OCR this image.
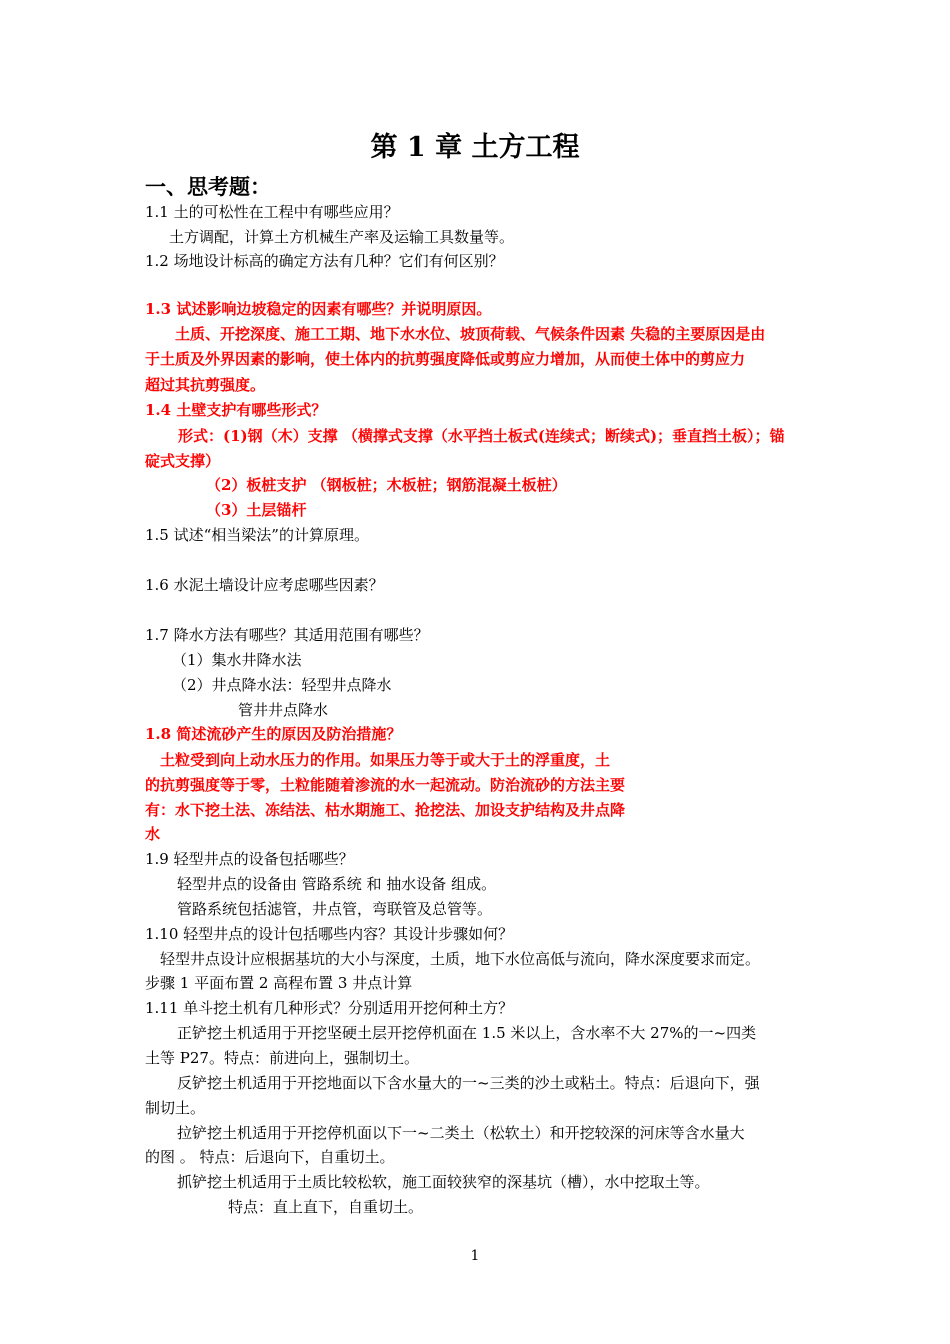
第 1 章 土方工程
一、思考题：
1.1 土的可松性在工程中有哪些应用？
土方调配，计算土方机械生产率及运输工具数量等。
1.2 场地设计标高的确定方法有几种？它们有何区别？
1.3 试述影响边坡稳定的因素有哪些？并说明原因。
土质、开挖深度、施工工期、地下水水位、坡顶荷载、气候条件因素 失稳的主要原因是由
于土质及外界因素的影响，使土体内的抗剪强度降低或剪应力增加，从而使土体中的剪应力
超过其抗剪强度。
1.4 土壁支护有哪些形式？
形式：(1)钢（木）支撑 （横撑式支撑（水平挡土板式(连续式；断续式)；垂直挡土板）；锚
碇式支撑）
（2）板桩支护 （钢板桩；木板桩；钢筋混凝土板桩）
（3）土层锚杆
1.5 试述“相当梁法”的计算原理。
1.6 水泥土墙设计应考虑哪些因素？
1.7 降水方法有哪些？其适用范围有哪些？
（1）集水井降水法
（2）井点降水法：轻型井点降水
管井井点降水
1.8 简述流砂产生的原因及防治措施？
土粒受到向上动水压力的作用。如果压力等于或大于土的浮重度，土
的抗剪强度等于零，土粒能随着渗流的水一起流动。防治流砂的方法主要
有：水下挖土法、冻结法、枯水期施工、抢挖法、加设支护结构及井点降
水
1.9 轻型井点的设备包括哪些？
轻型井点的设备由 管路系统 和 抽水设备 组成。
管路系统包括滤管，井点管，弯联管及总管等。
1.10 轻型井点的设计包括哪些内容？其设计步骤如何？
轻型井点设计应根据基坑的大小与深度，土质，地下水位高低与流向，降水深度要求而定。
步骤 1 平面布置 2 高程布置 3 井点计算
1.11 单斗挖土机有几种形式？分别适用开挖何种土方？
正铲挖土机适用于开挖坚硬土层开挖停机面在 1.5 米以上，含水率不大 27%的一~四类
土等 P27。特点：前进向上，强制切土。
反铲挖土机适用于开挖地面以下含水量大的一~三类的沙土或粘土。特点：后退向下，强
制切土。
拉铲挖土机适用于开挖停机面以下一~二类土（松软土）和开挖较深的河床等含水量大
的图 。 特点：后退向下，自重切土。
抓铲挖土机适用于土质比较松软，施工面较狭窄的深基坑（槽），水中挖取土等。
特点：直上直下，自重切土。
1
